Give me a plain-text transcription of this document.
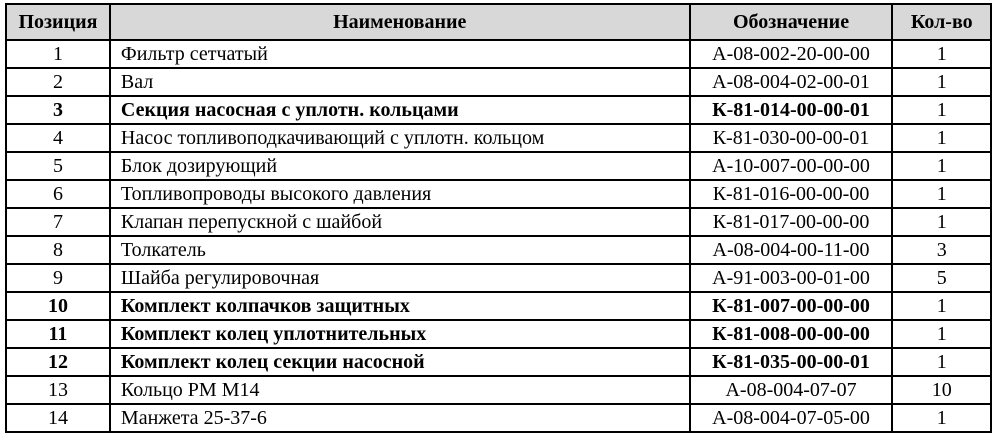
Позиция	Наименование	Обозначение	Кол-во
1	Фильтр сетчатый	А-08-002-20-00-00	1
2	Вал	А-08-004-02-00-01	1
3	Секция насосная с уплотн. кольцами	К-81-014-00-00-01	1
4	Насос топливоподкачивающий с уплотн. кольцом	К-81-030-00-00-01	1
5	Блок дозирующий	А-10-007-00-00-00	1
6	Топливопроводы высокого давления	К-81-016-00-00-00	1
7	Клапан перепускной с шайбой	К-81-017-00-00-00	1
8	Толкатель	А-08-004-00-11-00	3
9	Шайба регулировочная	А-91-003-00-01-00	5
10	Комплект колпачков защитных	К-81-007-00-00-00	1
11	Комплект колец уплотнительных	К-81-008-00-00-00	1
12	Комплект колец секции насосной	К-81-035-00-00-01	1
13	Кольцо РМ М14	А-08-004-07-07	10
14	Манжета 25-37-6	А-08-004-07-05-00	1
